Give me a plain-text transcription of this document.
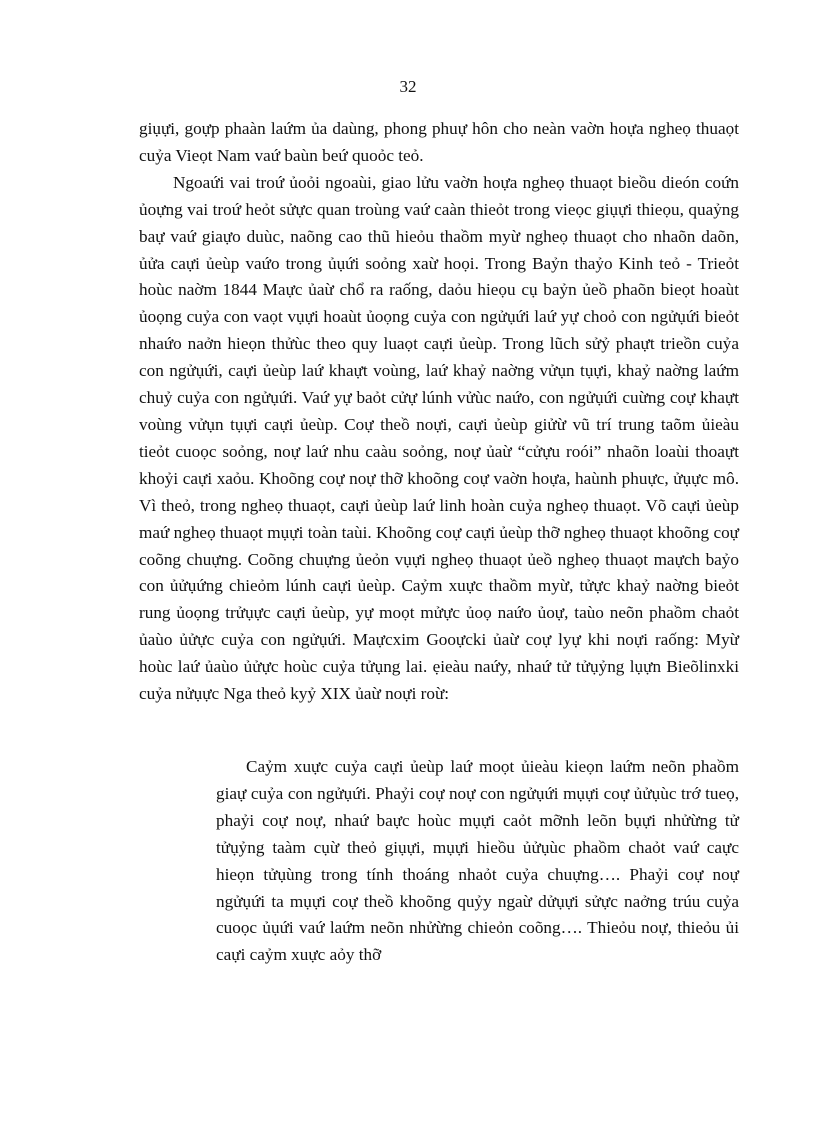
32

giụựi, goựp phaàn laứm ủa daùng, phong phuự hôn cho neàn vaờn hoựa ngheọ thuaọt cuỷa Vieọt Nam vaứ baùn beứ quoỏc teỏ.

Ngoaứi vai troứ ủoỏi ngoaùi, giao lửu vaờn hoựa ngheọ thuaọt bieồu dieón coứn ủoựng vai troứ heỏt sửực quan troùng vaứ caàn thieỏt trong vieọc giụựi thieọu, quaỷng baự vaứ giaựo duùc, naõng cao thũ hieỏu thaồm myừ ngheọ thuaọt cho nhaõn daõn, ủửa caựi ủeùp vaứo trong ủụứi soỏng xaừ hoọi. Trong Baỷn thaỷo Kinh teỏ - Trieỏt hoùc naờm 1844 Maực ủaừ chổ ra raống, daỏu hieọu cụ baỷn ủeồ phaõn bieọt hoaùt ủoọng cuỷa con vaọt vụựi hoaùt ủoọng cuỷa con ngửụứi laứ yự choỏ con ngửụứi bieỏt nhaứo naởn hieọn thửùc theo quy luaọt caựi ủeùp. Trong lũch sửỷ phaựt trieồn cuỷa con ngửụứi, caựi ủeùp laứ khaựt voùng, laứ khaỷ naờng vửụn tụựi, khaỷ naờng laứm chuỷ cuỷa con ngửụứi. Vaứ yự baỏt cửự lúnh vửùc naứo, con ngửụứi cuừng coự khaựt voùng vửụn tụựi caựi ủeùp. Coự theồ noựi, caựi ủeùp giửừ vũ trí trung taõm ủieàu tieỏt cuoọc soỏng, noự laứ nhu caàu soỏng, noự ủaừ “cửựu roói” nhaõn loaùi thoaựt khoỷi caựi xaỏu. Khoõng coự noự thỡ khoõng coự vaờn hoựa, haùnh phuực, ửụực mô. Vì theỏ, trong ngheọ thuaọt, caựi ủeùp laứ linh hoàn cuỷa ngheọ thuaọt. Võ caựi ủeùp maứ ngheọ thuaọt mụựi toàn taùi. Khoõng coự caựi ủeùp thỡ ngheọ thuaọt khoõng coự coõng chuựng. Coõng chuựng ủeỏn vụựi ngheọ thuaọt ủeồ ngheọ thuaọt maựch baỷo con ủửụứng chieỏm lúnh caựi ủeùp. Caỷm xuực thaồm myừ, tửực khaỷ naờng bieỏt rung ủoọng trửụực caựi ủeùp, yự moọt mửực ủoọ naứo ủoự, taùo neõn phaồm chaỏt ủaùo ủửực cuỷa con ngửụứi. Maựcxim Gooựcki ủaừ coự lyự khi noựi raống: Myừ hoùc laứ ủaùo ủửực hoùc cuỷa tửụng lai. ẹieàu naứy, nhaứ tử tửụỷng lụựn Bieõlinxki cuỷa nửụực Nga theỏ kyỷ XIX ủaừ noựi roừ:

Caỷm xuực cuỷa caựi ủeùp laứ moọt ủieàu kieọn laứm neõn phaồm giaự cuỷa con ngửụứi. Phaỷi coự noự con ngửụứi mụựi coự ủửụùc trớ tueọ, phaỷi coự noự, nhaứ baực hoùc mụựi caỏt mỡnh leõn bụựi nhửừng tử tửụỷng taàm cụừ theỏ giụựi, mụựi hieồu ủửụùc phaồm chaỏt vaứ caực hieọn tửụùng trong tính thoáng nhaỏt cuỷa chuựng…. Phaỷi coự noự ngửụứi ta mụựi coự theồ khoõng quỷy ngaừ dửụựi sửực naởng trúu cuỷa cuoọc ủụứi vaứ laứm neõn nhửừng chieỏn coõng…. Thieỏu noự, thieỏu ủi caựi caỷm xuực aỏy thỡ
